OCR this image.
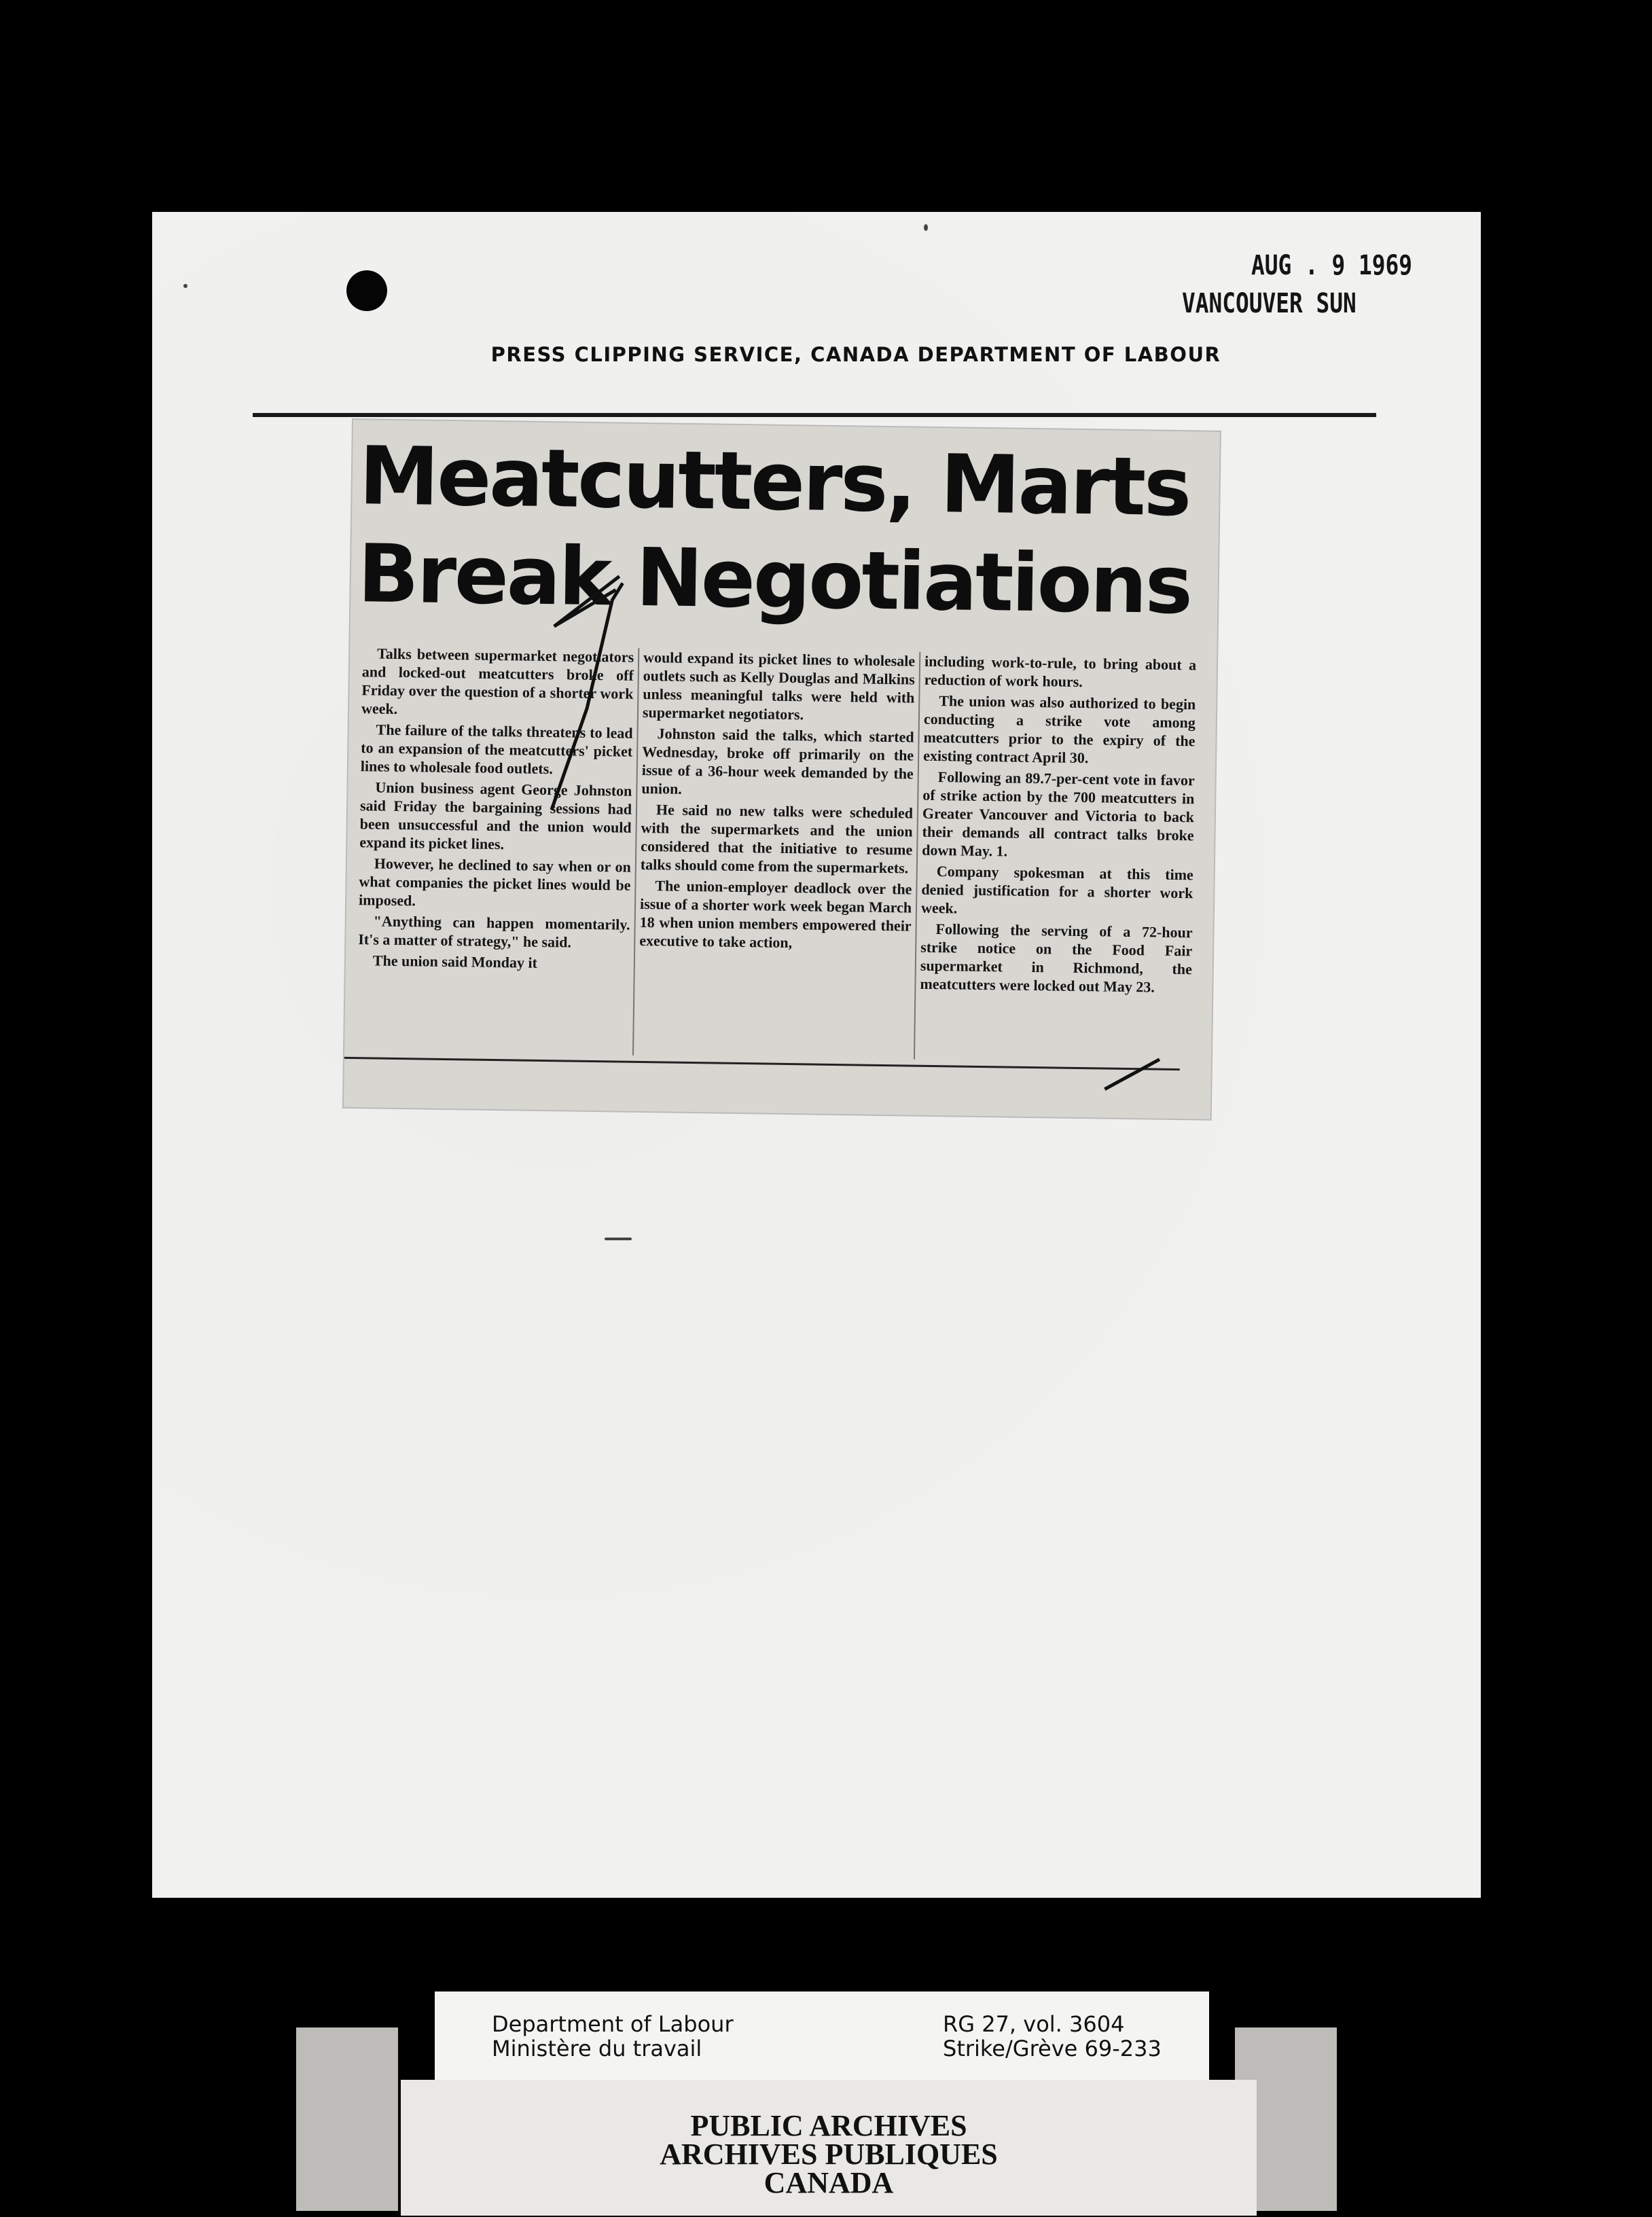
AUG . 9 1969
VANCOUVER SUN
PRESS CLIPPING SERVICE, CANADA DEPARTMENT OF LABOUR
Meatcutters, Marts
Break Negotiations

Talks between supermarket negotiators and locked-out meatcutters broke off Friday over the question of a shorter work week.

The failure of the talks threatens to lead to an expansion of the meatcutters' picket lines to wholesale food outlets.

Union business agent George Johnston said Friday the bargaining sessions had been unsuccessful and the union would expand its picket lines.

However, he declined to say when or on what companies the picket lines would be imposed.

"Anything can happen momentarily. It's a matter of strategy," he said.

The union said Monday it

would expand its picket lines to wholesale outlets such as Kelly Douglas and Malkins unless meaningful talks were held with supermarket negotiators.

Johnston said the talks, which started Wednesday, broke off primarily on the issue of a 36-hour week demanded by the union.

He said no new talks were scheduled with the supermarkets and the union considered that the initiative to resume talks should come from the supermarkets.

The union-employer deadlock over the issue of a shorter work week began March 18 when union members empowered their executive to take action,

including work-to-rule, to bring about a reduction of work hours.

The union was also authorized to begin conducting a strike vote among meatcutters prior to the expiry of the existing contract April 30.

Following an 89.7-per-cent vote in favor of strike action by the 700 meatcutters in Greater Vancouver and Victoria to back their demands all contract talks broke down May. 1.

Company spokesman at this time denied justification for a shorter work week.

Following the serving of a 72-hour strike notice on the Food Fair supermarket in Richmond, the meatcutters were locked out May 23.

Department of Labour
Ministère du travail
RG 27, vol. 3604
Strike/Grève 69-233
PUBLIC ARCHIVES
ARCHIVES PUBLIQUES
CANADA
